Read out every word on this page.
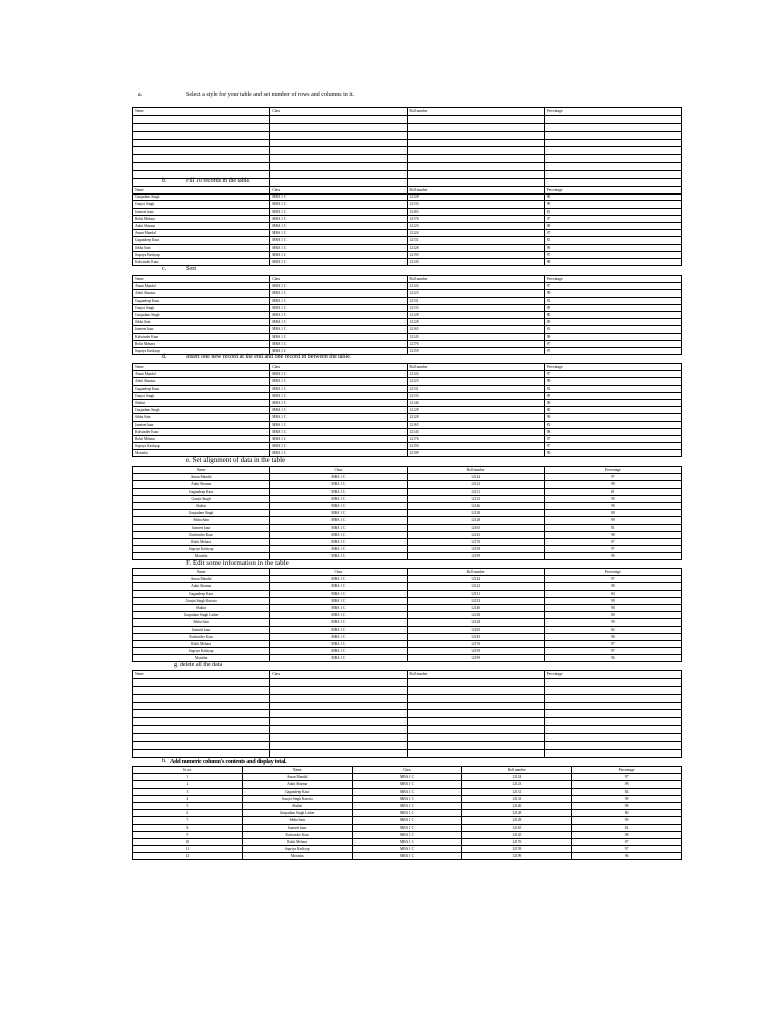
a.	Select a style for your table and set number of rows and columns in it.
Name	Class	Roll number	Percentage

b.	Fill 10 records in the table.
Name	Class	Roll number	Percentage
Gurpadam Singh	MBA 1 C	12128	80
Gunjot Singh	MBA 1 C	12133	99
Jasmeet kaur	MBA 1 C	12165	81
Rohit Mehara	MBA 1 C	12176	97
Ankit Sharma	MBA 1 C	12123	98
Aman Mandal	MBA 1 C	12124	97
Gagandeep Kaur	MBA 1 C	12131	81
Sibba Sain	MBA 1 C	12128	99
Supriya Kashyap	MBA 1 C	12159	97
Kulwinder Kaur	MBA 1 C	12145	98
c.	Sort
Name	Class	Roll number	Percentage
Aman Mandal	MBA 1 C	12124	97
Ankit Sharma	MBA 1 C	12123	98
Gagandeep Kaur	MBA 1 C	12131	81
Gunjot Singh	MBA 1 C	12133	99
Gurpadam Singh	MBA 1 C	12128	80
Sibba Sain	MBA 1 C	12128	99
Jasmeet kaur	MBA 1 C	12165	81
Kulwinder Kaur	MBA 1 C	12145	98
Rohit Mehara	MBA 1 C	12176	97
Supriya Kashyap	MBA 1 C	12159	97
d.	Insert one new record at the end and one record in between the table.
Name	Class	Roll number	Percentage
Aman Mandal	MBA 1 C	12124	97
Ankit Sharma	MBA 1 C	12123	98
Gagandeep Kaur	MBA 1 C	12131	81
Gunjot Singh	MBA 1 C	12133	99
Shalini	MBA 1 C	12146	98
Gurpadam Singh	MBA 1 C	12128	80
Sibba Sain	MBA 1 C	12128	99
Jasmeet kaur	MBA 1 C	12165	81
Kulwinder Kaur	MBA 1 C	12145	98
Rohit Mehara	MBA 1 C	12176	97
Supriya Kashyap	MBA 1 C	12159	97
Monisha	MBA 1 C	12199	96
e. Set alignment of data in the table
Name	Class	Roll number	Percentage
Aman Mandal	MBA 1 C	12124	97
Ankit Sharma	MBA 1 C	12123	98
Gagandeep Kaur	MBA 1 C	12131	81
Gunjot Singh	MBA 1 C	12133	99
Shalini	MBA 1 C	12146	98
Gurpadam Singh	MBA 1 C	12128	80
Sibba Sain	MBA 1 C	12128	99
Jasmeet kaur	MBA 1 C	12165	81
Kulwinder Kaur	MBA 1 C	12145	98
Rohit Mehara	MBA 1 C	12176	97
Supriya Kashyap	MBA 1 C	12159	97
Monisha	MBA 1 C	12199	96
F. Edit some information in the table
Name	Class	Roll number	Percentage
Aman Mandal	MBA 1 C	12124	97
Ankit Sharma	MBA 1 C	12123	98
Gagandeep Kaur	MBA 1 C	12131	84
Gunjot Singh Katoria	MBA 1 C	12133	99
Shalini	MBA 1 C	12146	98
Gurpadam Singh Lather	MBA 1 C	12128	80
Sibba Sain	MBA 1 C	12128	99
Jasmeet kaur	MBA 1 C	12165	82
Kulwinder Kaur	MBA 1 C	12145	98
Rohit Mehara	MBA 1 C	12176	97
Supriya Kashyap	MBA 1 C	12159	97
Monisha	MBA 1 C	12199	96
g. delete all the data
Name	Class	Roll number	Percentage

h. Add numeric column's contents and display total.
Sr. no.	Name	Class	Roll number	Percentage
1	Aman Mandal	MBA 1 C	12124	97
2	Ankit Sharma	MBA 1 C	12123	98
3	Gagandeep Kaur	MBA 1 C	12131	84
4	Gunjot Singh Katoria	MBA 1 C	12133	99
5	Shalini	MBA 1 C	12146	98
6	Gurpadam Singh Lather	MBA 1 C	12128	80
7	Sibba Sain	MBA 1 C	12128	99
8	Jasmeet kaur	MBA 1 C	12165	82
9	Kulwinder Kaur	MBA 1 C	12145	98
10	Rohit Mehara	MBA 1 C	12176	97
11	Supriya Kashyap	MBA 1 C	12159	97
12	Monisha	MBA 1 C	12199	96
